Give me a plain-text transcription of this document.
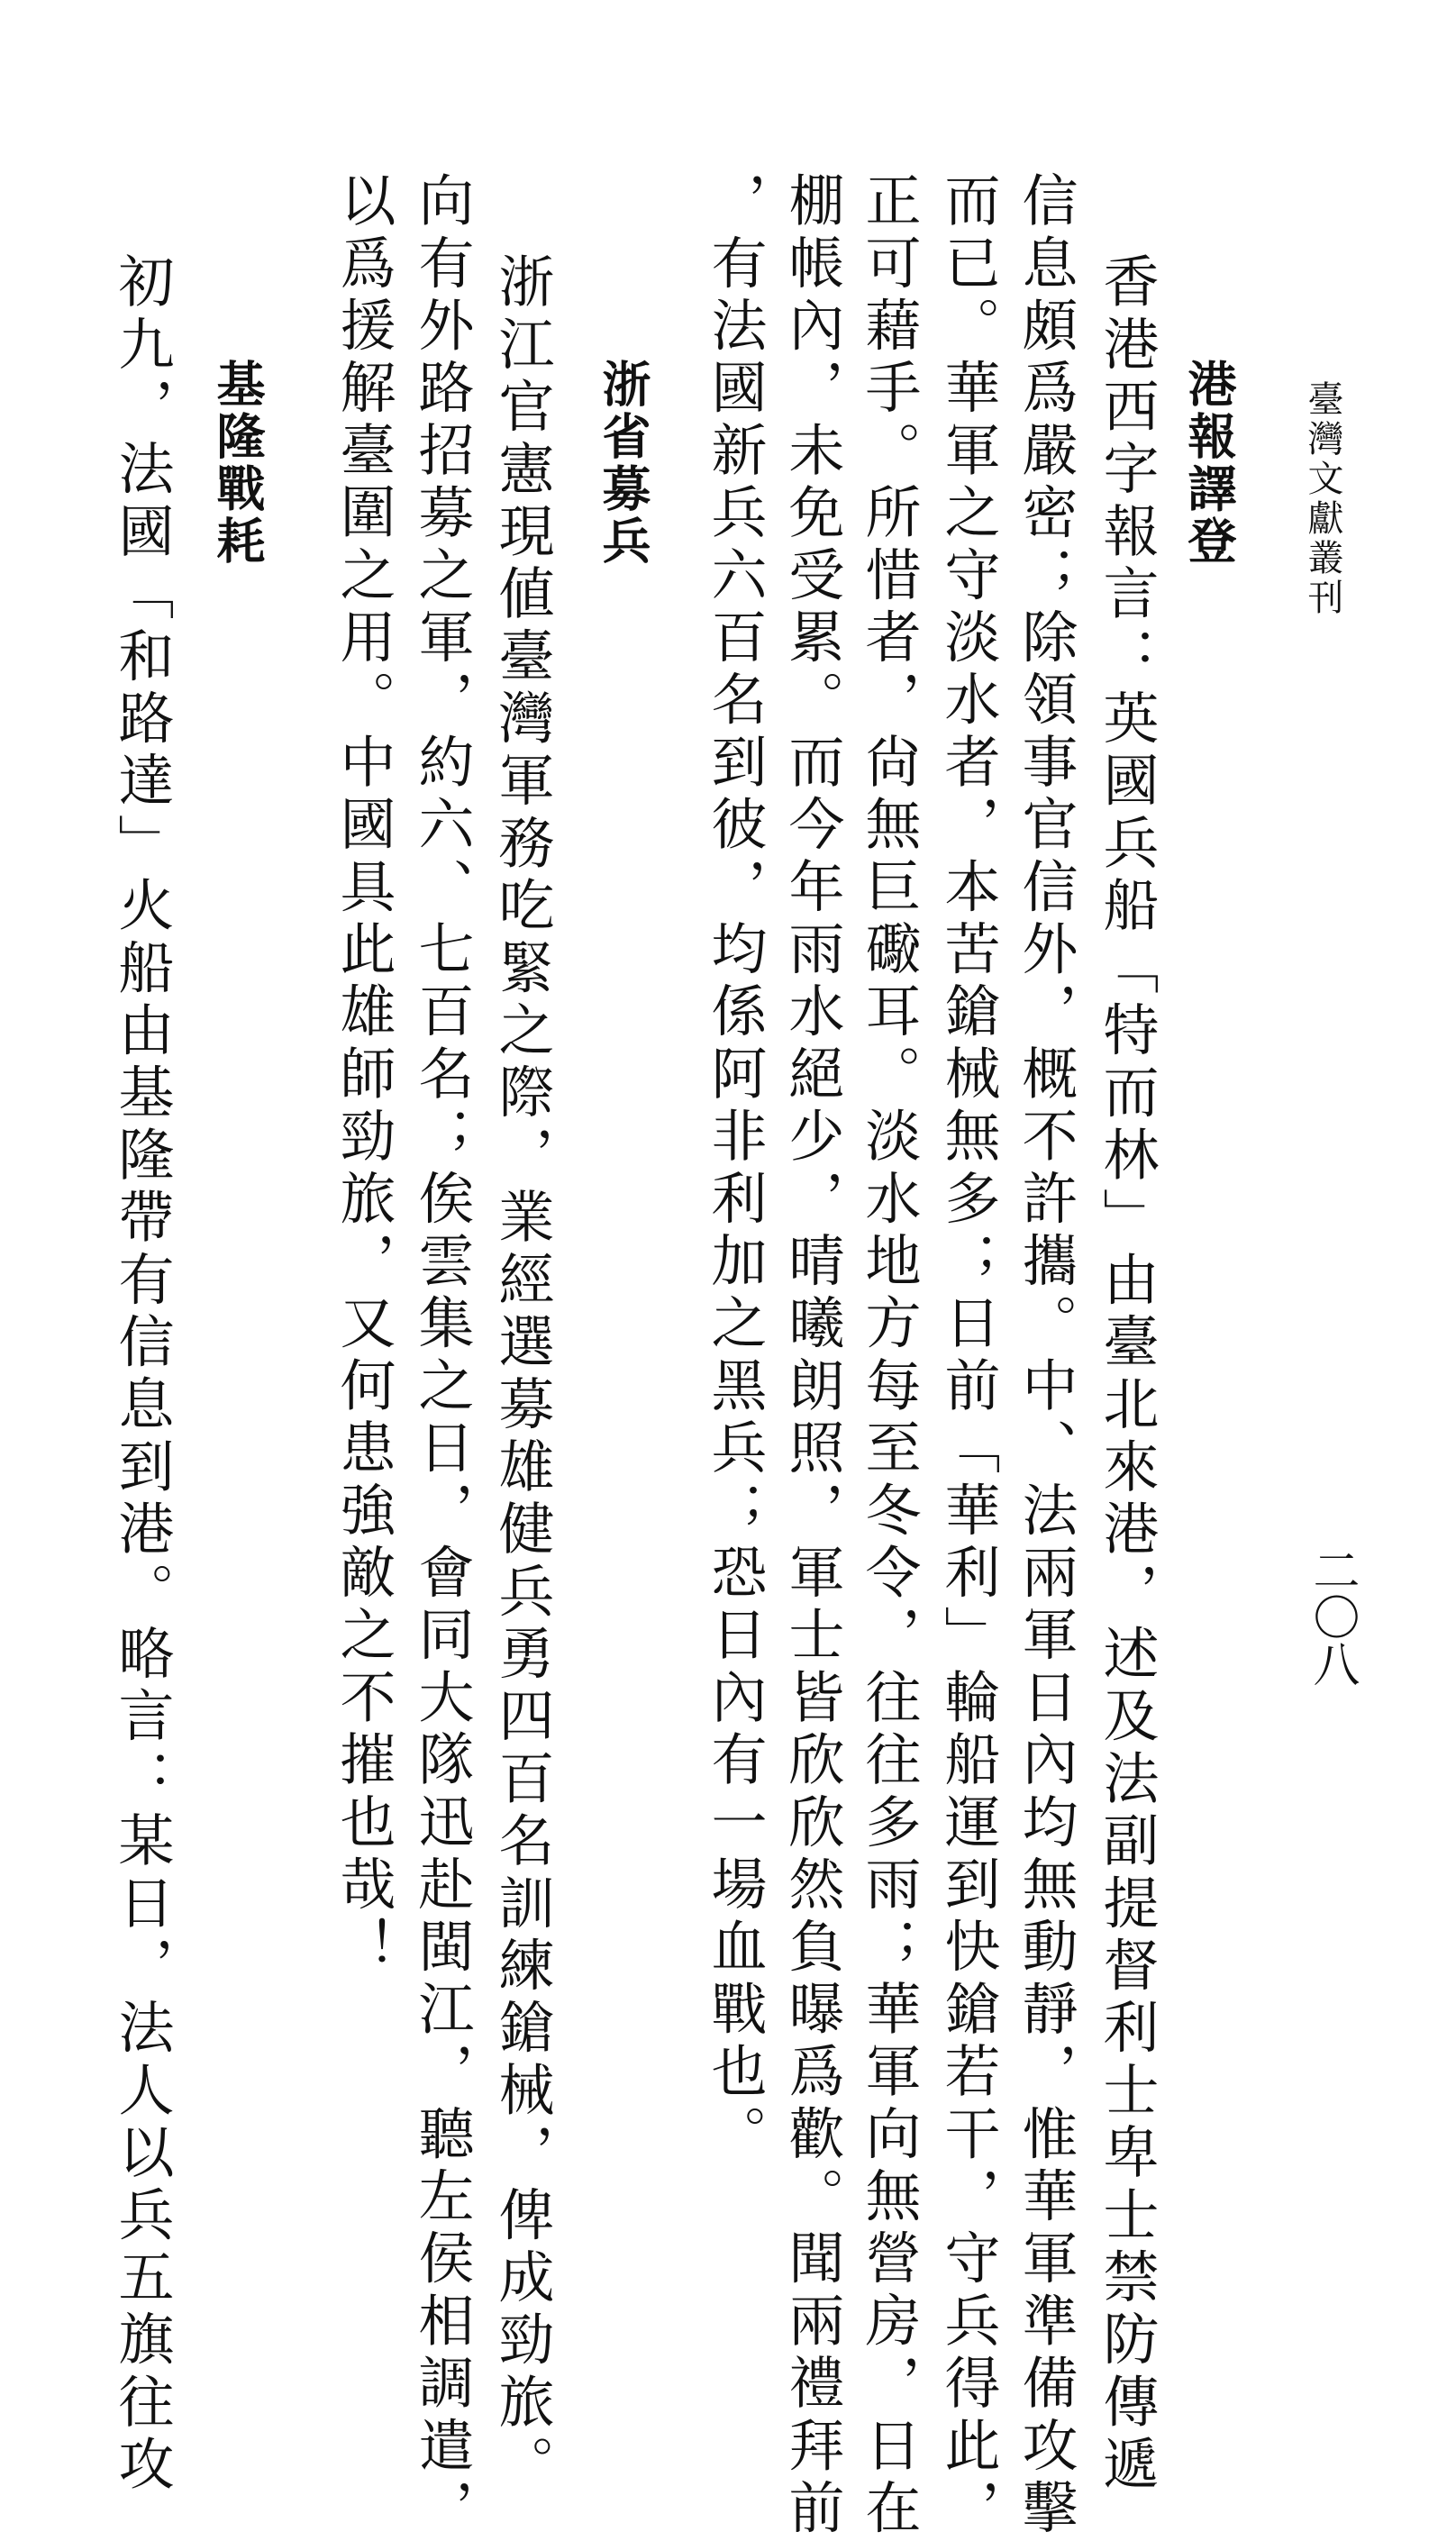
臺灣文獻叢刊
二〇八
港報譯登
香港西字報言：英國兵船「特而林」由臺北來港，述及法副提督利士卑士禁防傳遞
信息頗爲嚴密；除領事官信外，概不許攜。中、法兩軍日內均無動靜，惟華軍準備攻擊
而已。華軍之守淡水者，本苦鎗械無多；日前「華利」輪船運到快鎗若干，守兵得此，
正可藉手。所惜者，尙無巨礮耳。淡水地方每至冬令，往往多雨；華軍向無營房，日在
棚帳內，未免受累。而今年雨水絕少，晴曦朗照，軍士皆欣欣然負曝爲歡。聞兩禮拜前
，有法國新兵六百名到彼，均係阿非利加之黑兵；恐日內有一場血戰也。
浙省募兵
浙江官憲現値臺灣軍務吃緊之際，業經選募雄健兵勇四百名訓練鎗械，俾成勁旅。
向有外路招募之軍，約六、七百名；俟雲集之日，會同大隊迅赴閩江，聽左侯相調遣，
以爲援解臺圍之用。中國具此雄師勁旅，又何患強敵之不摧也哉！
基隆戰耗
初九，法國「和路達」火船由基隆帶有信息到港。略言：某日，法人以兵五旗往攻
